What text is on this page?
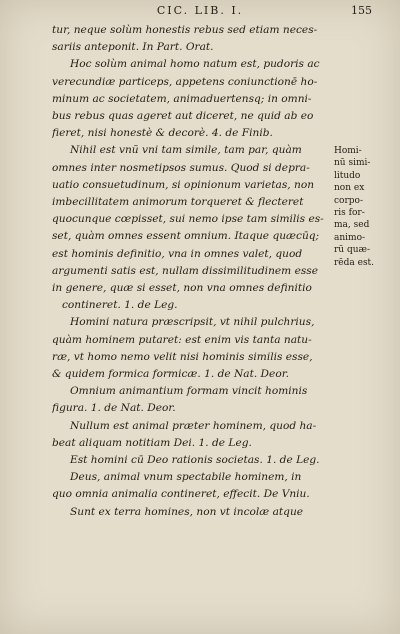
CIC. LIB. I.	155
tur, neque solùm honestis rebus sed etiam neces-
sariis anteponit. In Part. Orat.
Hoc solùm animal homo natum est, pudoris ac
verecundiæ particeps, appetens coniunctionē ho-
minum ac societatem, animaduertensq; in omni-
bus rebus quas ageret aut diceret, ne quid ab eo
fieret, nisi honestè & decorè. 4. de Finib.
Nihil est vnũ vni tam simile, tam par, quàm
omnes inter nosmetipsos sumus. Quod si depra-
uatio consuetudinum, si opinionum varietas, non
imbecillitatem animorum torqueret & flecteret
quocunque cœpisset, sui nemo ipse tam similis es-
set, quàm omnes essent omnium. Itaque quæcūq;
est hominis definitio, vna in omnes valet, quod
argumenti satis est, nullam dissimilitudinem esse
in genere, quæ si esset, non vna omnes definitio
contineret. 1. de Leg.
Homini natura præscripsit, vt nihil pulchrius,
quàm hominem putaret: est enim vis tanta natu-
ræ, vt homo nemo velit nisi hominis similis esse,
& quidem formica formicæ. 1. de Nat. Deor.
Omnium animantium formam vincit hominis
figura. 1. de Nat. Deor.
Nullum est animal præter hominem, quod ha-
beat aliquam notitiam Dei. 1. de Leg.
Est homini cū Deo rationis societas. 1. de Leg.
Deus, animal vnum spectabile hominem, in
quo omnia animalia contineret, effecit. De Vniu.
Sunt ex terra homines, non vt incolæ atque
Homi-
nū simi-
litudo
non ex
corpo-
ris for-
ma, sed
animo-
rū quæ-
rēda est.
